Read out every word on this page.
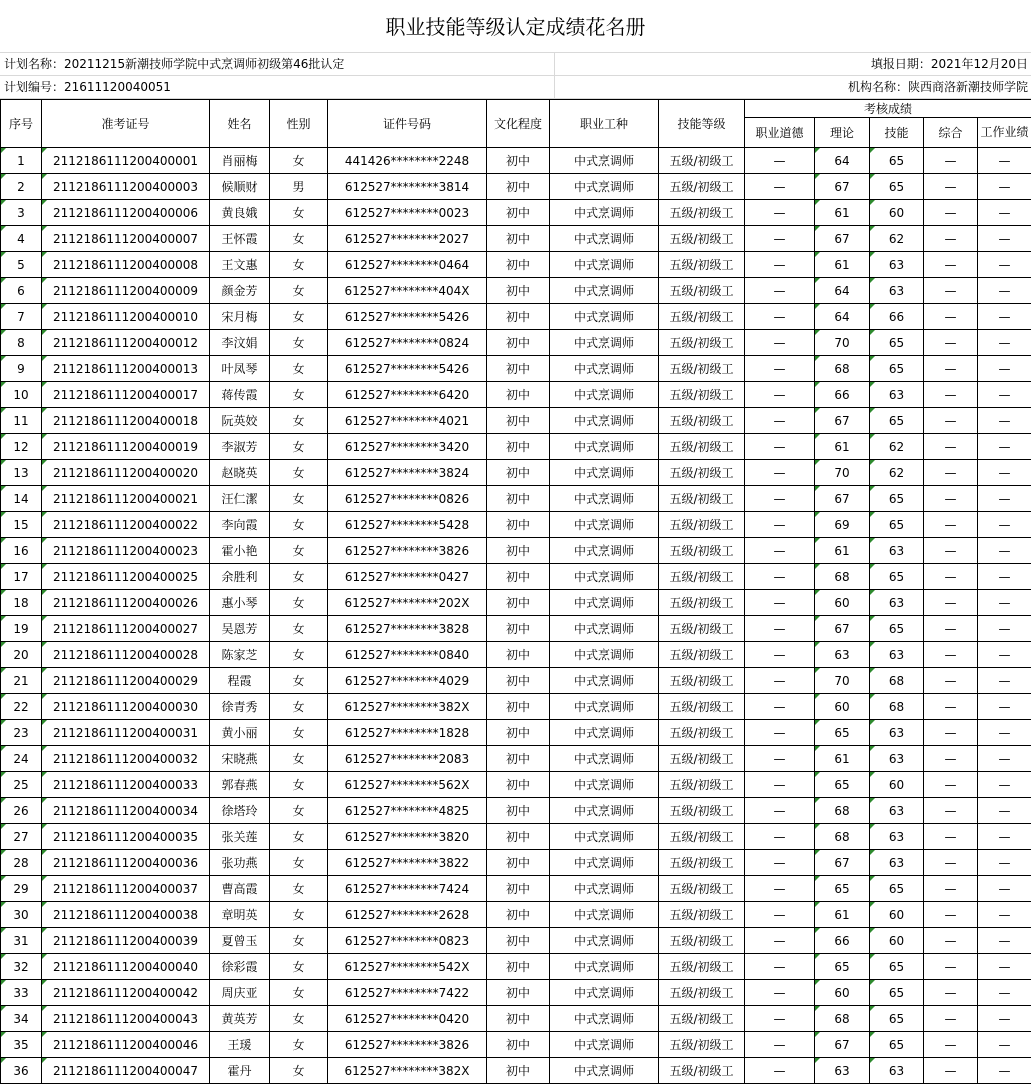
职业技能等级认定成绩花名册
计划名称：20211215新潮技师学院中式烹调师初级第46批认定	填报日期：2021年12月20日
计划编号：21611120040051	机构名称：陕西商洛新潮技师学院
序号	准考证号	姓名	性别	证件号码	文化程度	职业工种	技能等级	考核成绩				
								职业道德	理论	技能	综合	工作业绩
1	2112186111200400001	肖丽梅	女	441426********2248	初中	中式烹调师	五级/初级工	—	64	65	—	—
2	2112186111200400003	候顺财	男	612527********3814	初中	中式烹调师	五级/初级工	—	67	65	—	—
3	2112186111200400006	黄良娥	女	612527********0023	初中	中式烹调师	五级/初级工	—	61	60	—	—
4	2112186111200400007	王怀霞	女	612527********2027	初中	中式烹调师	五级/初级工	—	67	62	—	—
5	2112186111200400008	王文惠	女	612527********0464	初中	中式烹调师	五级/初级工	—	61	63	—	—
6	2112186111200400009	颜金芳	女	612527********404X	初中	中式烹调师	五级/初级工	—	64	63	—	—
7	2112186111200400010	宋月梅	女	612527********5426	初中	中式烹调师	五级/初级工	—	64	66	—	—
8	2112186111200400012	李汶娟	女	612527********0824	初中	中式烹调师	五级/初级工	—	70	65	—	—
9	2112186111200400013	叶凤琴	女	612527********5426	初中	中式烹调师	五级/初级工	—	68	65	—	—
10	2112186111200400017	蒋传霞	女	612527********6420	初中	中式烹调师	五级/初级工	—	66	63	—	—
11	2112186111200400018	阮英姣	女	612527********4021	初中	中式烹调师	五级/初级工	—	67	65	—	—
12	2112186111200400019	李淑芳	女	612527********3420	初中	中式烹调师	五级/初级工	—	61	62	—	—
13	2112186111200400020	赵晓英	女	612527********3824	初中	中式烹调师	五级/初级工	—	70	62	—	—
14	2112186111200400021	汪仁潔	女	612527********0826	初中	中式烹调师	五级/初级工	—	67	65	—	—
15	2112186111200400022	李向霞	女	612527********5428	初中	中式烹调师	五级/初级工	—	69	65	—	—
16	2112186111200400023	霍小艳	女	612527********3826	初中	中式烹调师	五级/初级工	—	61	63	—	—
17	2112186111200400025	余胜利	女	612527********0427	初中	中式烹调师	五级/初级工	—	68	65	—	—
18	2112186111200400026	惠小琴	女	612527********202X	初中	中式烹调师	五级/初级工	—	60	63	—	—
19	2112186111200400027	吴恩芳	女	612527********3828	初中	中式烹调师	五级/初级工	—	67	65	—	—
20	2112186111200400028	陈家芝	女	612527********0840	初中	中式烹调师	五级/初级工	—	63	63	—	—
21	2112186111200400029	程霞	女	612527********4029	初中	中式烹调师	五级/初级工	—	70	68	—	—
22	2112186111200400030	徐青秀	女	612527********382X	初中	中式烹调师	五级/初级工	—	60	68	—	—
23	2112186111200400031	黄小丽	女	612527********1828	初中	中式烹调师	五级/初级工	—	65	63	—	—
24	2112186111200400032	宋晓燕	女	612527********2083	初中	中式烹调师	五级/初级工	—	61	63	—	—
25	2112186111200400033	郭春燕	女	612527********562X	初中	中式烹调师	五级/初级工	—	65	60	—	—
26	2112186111200400034	徐塔玲	女	612527********4825	初中	中式烹调师	五级/初级工	—	68	63	—	—
27	2112186111200400035	张关莲	女	612527********3820	初中	中式烹调师	五级/初级工	—	68	63	—	—
28	2112186111200400036	张功燕	女	612527********3822	初中	中式烹调师	五级/初级工	—	67	63	—	—
29	2112186111200400037	曹高霞	女	612527********7424	初中	中式烹调师	五级/初级工	—	65	65	—	—
30	2112186111200400038	章明英	女	612527********2628	初中	中式烹调师	五级/初级工	—	61	60	—	—
31	2112186111200400039	夏曾玉	女	612527********0823	初中	中式烹调师	五级/初级工	—	66	60	—	—
32	2112186111200400040	徐彩霞	女	612527********542X	初中	中式烹调师	五级/初级工	—	65	65	—	—
33	2112186111200400042	周庆亚	女	612527********7422	初中	中式烹调师	五级/初级工	—	60	65	—	—
34	2112186111200400043	黄英芳	女	612527********0420	初中	中式烹调师	五级/初级工	—	68	65	—	—
35	2112186111200400046	王瑗	女	612527********3826	初中	中式烹调师	五级/初级工	—	67	65	—	—
36	2112186111200400047	霍丹	女	612527********382X	初中	中式烹调师	五级/初级工	—	63	63	—	—
